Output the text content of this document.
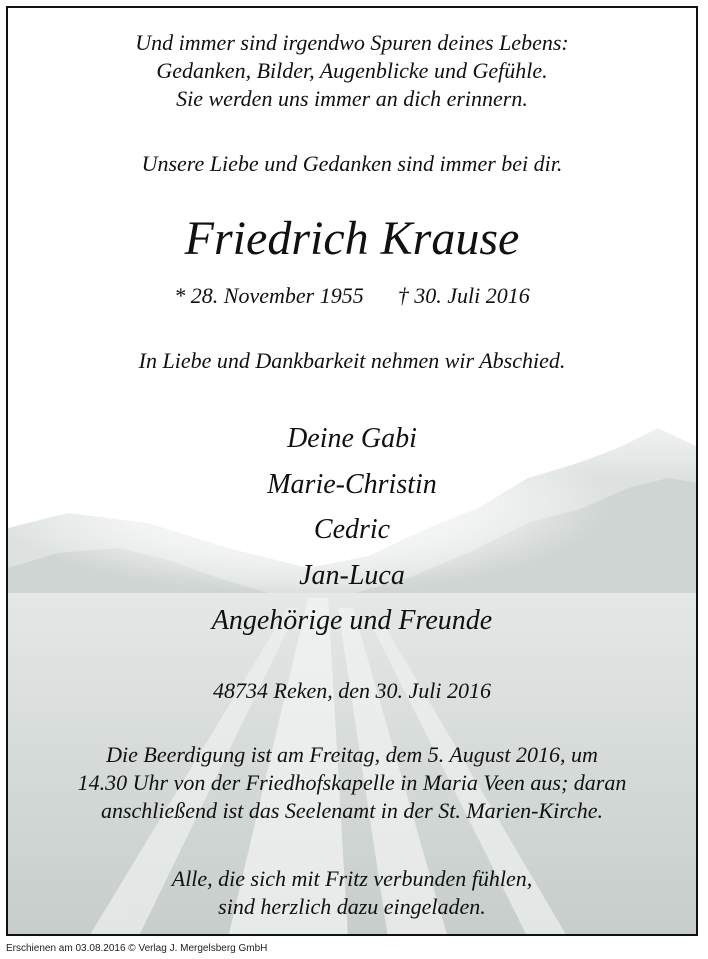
Und immer sind irgendwo Spuren deines Lebens:
Gedanken, Bilder, Augenblicke und Gefühle.
Sie werden uns immer an dich erinnern.
Unsere Liebe und Gedanken sind immer bei dir.
Friedrich Krause
* 28. November 1955 † 30. Juli 2016
In Liebe und Dankbarkeit nehmen wir Abschied.
Deine Gabi
Marie-Christin
Cedric
Jan-Luca
Angehörige und Freunde
48734 Reken, den 30. Juli 2016
Die Beerdigung ist am Freitag, dem 5. August 2016, um
14.30 Uhr von der Friedhofskapelle in Maria Veen aus; daran
anschließend ist das Seelenamt in der St. Marien-Kirche.
Alle, die sich mit Fritz verbunden fühlen,
sind herzlich dazu eingeladen.
Erschienen am 03.08.2016 © Verlag J. Mergelsberg GmbH
